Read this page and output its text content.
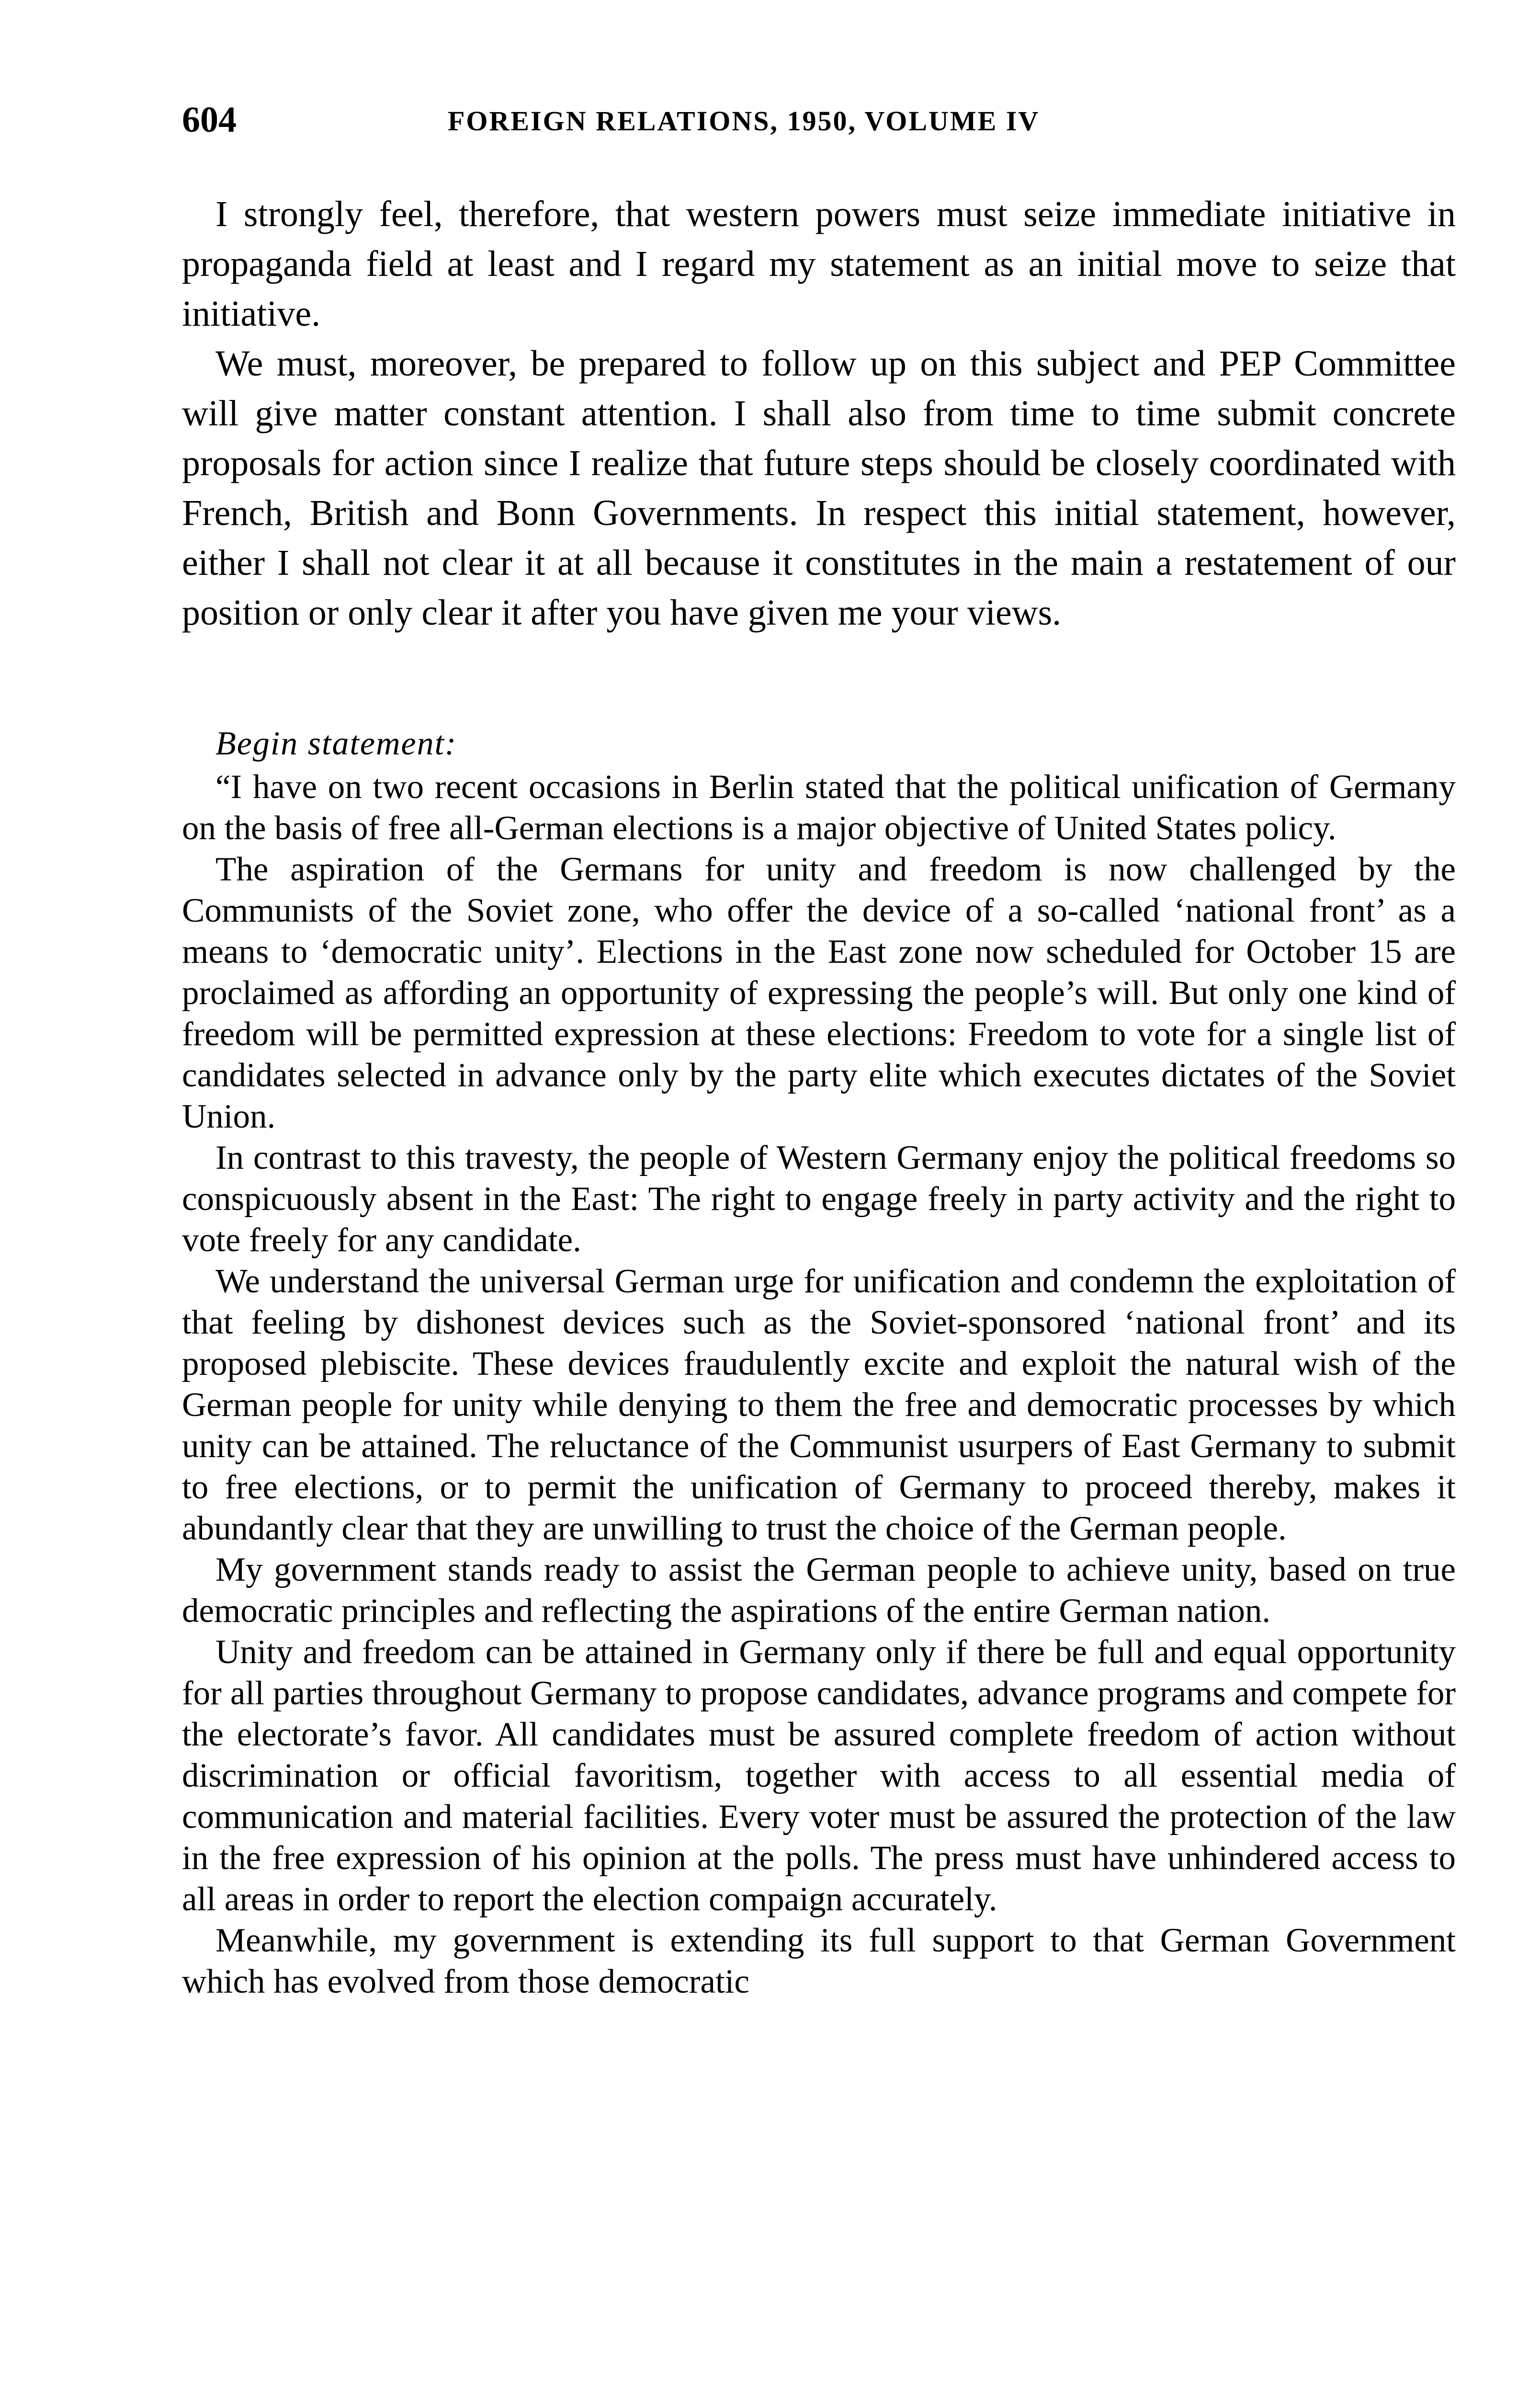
604	FOREIGN RELATIONS, 1950, VOLUME IV

I strongly feel, therefore, that western powers must seize immediate initiative in propaganda field at least and I regard my statement as an initial move to seize that initiative.

We must, moreover, be prepared to follow up on this subject and PEP Committee will give matter constant attention. I shall also from time to time submit concrete proposals for action since I realize that future steps should be closely coordinated with French, British and Bonn Governments. In respect this initial statement, however, either I shall not clear it at all because it constitutes in the main a restatement of our position or only clear it after you have given me your views.

Begin statement:

“I have on two recent occasions in Berlin stated that the political unification of Germany on the basis of free all-German elections is a major objective of United States policy.

The aspiration of the Germans for unity and freedom is now challenged by the Communists of the Soviet zone, who offer the device of a so-called ‘national front’ as a means to ‘democratic unity’. Elections in the East zone now scheduled for October 15 are proclaimed as affording an opportunity of expressing the people’s will. But only one kind of freedom will be permitted expression at these elections: Freedom to vote for a single list of candidates selected in advance only by the party elite which executes dictates of the Soviet Union.

In contrast to this travesty, the people of Western Germany enjoy the political freedoms so conspicuously absent in the East: The right to engage freely in party activity and the right to vote freely for any candidate.

We understand the universal German urge for unification and condemn the exploitation of that feeling by dishonest devices such as the Soviet-sponsored ‘national front’ and its proposed plebiscite. These devices fraudulently excite and exploit the natural wish of the German people for unity while denying to them the free and democratic processes by which unity can be attained. The reluctance of the Communist usurpers of East Germany to submit to free elections, or to permit the unification of Germany to proceed thereby, makes it abundantly clear that they are unwilling to trust the choice of the German people.

My government stands ready to assist the German people to achieve unity, based on true democratic principles and reflecting the aspirations of the entire German nation.

Unity and freedom can be attained in Germany only if there be full and equal opportunity for all parties throughout Germany to propose candidates, advance programs and compete for the electorate’s favor. All candidates must be assured complete freedom of action without discrimination or official favoritism, together with access to all essential media of communication and material facilities. Every voter must be assured the protection of the law in the free expression of his opinion at the polls. The press must have unhindered access to all areas in order to report the election compaign accurately.

Meanwhile, my government is extending its full support to that German Government which has evolved from those democratic
